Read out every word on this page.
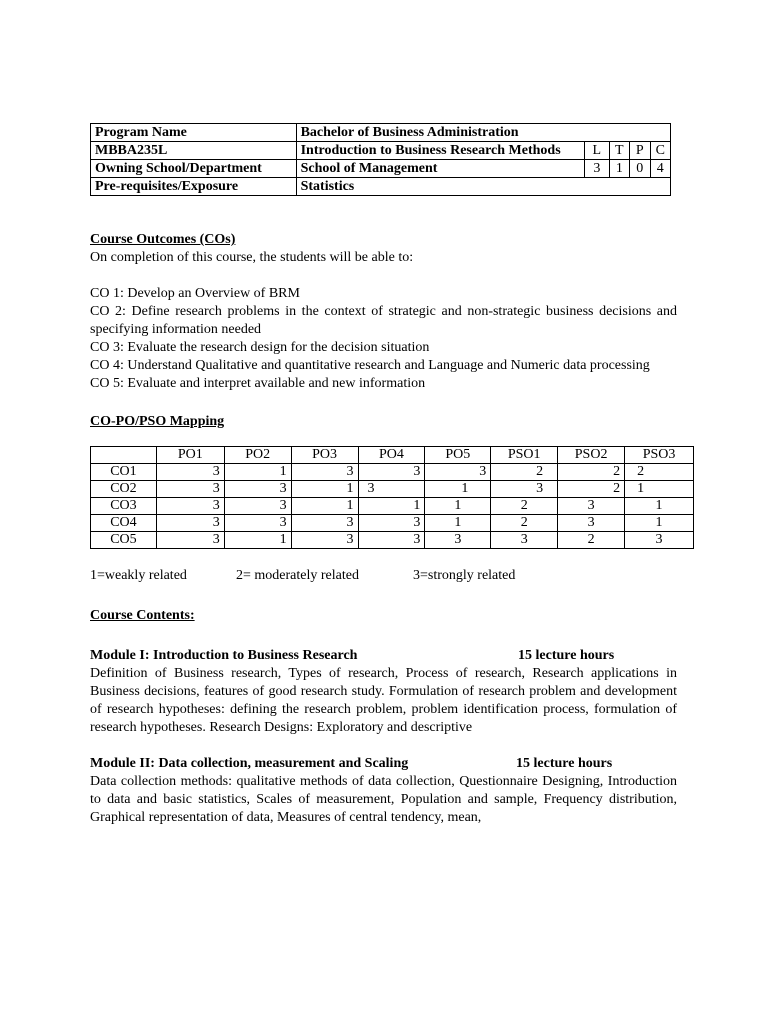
Program Name	Bachelor of Business Administration				
MBBA235L	Introduction to Business Research Methods	L	T	P	C
Owning School/Department	School of Management	3	1	0	4
Pre-requisites/Exposure	Statistics				
Course Outcomes (COs)

On completion of this course, the students will be able to:

CO 1: Develop an Overview of BRM

CO 2: Define research problems in the context of strategic and non-strategic business decisions and specifying information needed

CO 3: Evaluate the research design for the decision situation

CO 4: Understand Qualitative and quantitative research and Language and Numeric data processing

CO 5: Evaluate and interpret available and new information

CO-PO/PSO Mapping
	PO1	PO2	PO3	PO4	PO5	PSO1	PSO2	PSO3
CO1	3	1	3	3	3	2	2	2
CO2	3	3	1	3	1	3	2	1
CO3	3	3	1	1	1	2	3	1
CO4	3	3	3	3	1	2	3	1
CO5	3	1	3	3	3	3	2	3

1=weakly related	2= moderately related	3=strongly related

Course Contents:
Module I: Introduction to Business Research	15 lecture hours

Definition of Business research, Types of research, Process of research, Research applications in Business decisions, features of good research study. Formulation of research problem and development of research hypotheses: defining the research problem, problem identification process, formulation of research hypotheses. Research Designs: Exploratory and descriptive

Module II: Data collection, measurement and Scaling	15 lecture hours

Data collection methods: qualitative methods of data collection, Questionnaire Designing, Introduction to data and basic statistics, Scales of measurement, Population and sample, Frequency distribution, Graphical representation of data, Measures of central tendency, mean,
